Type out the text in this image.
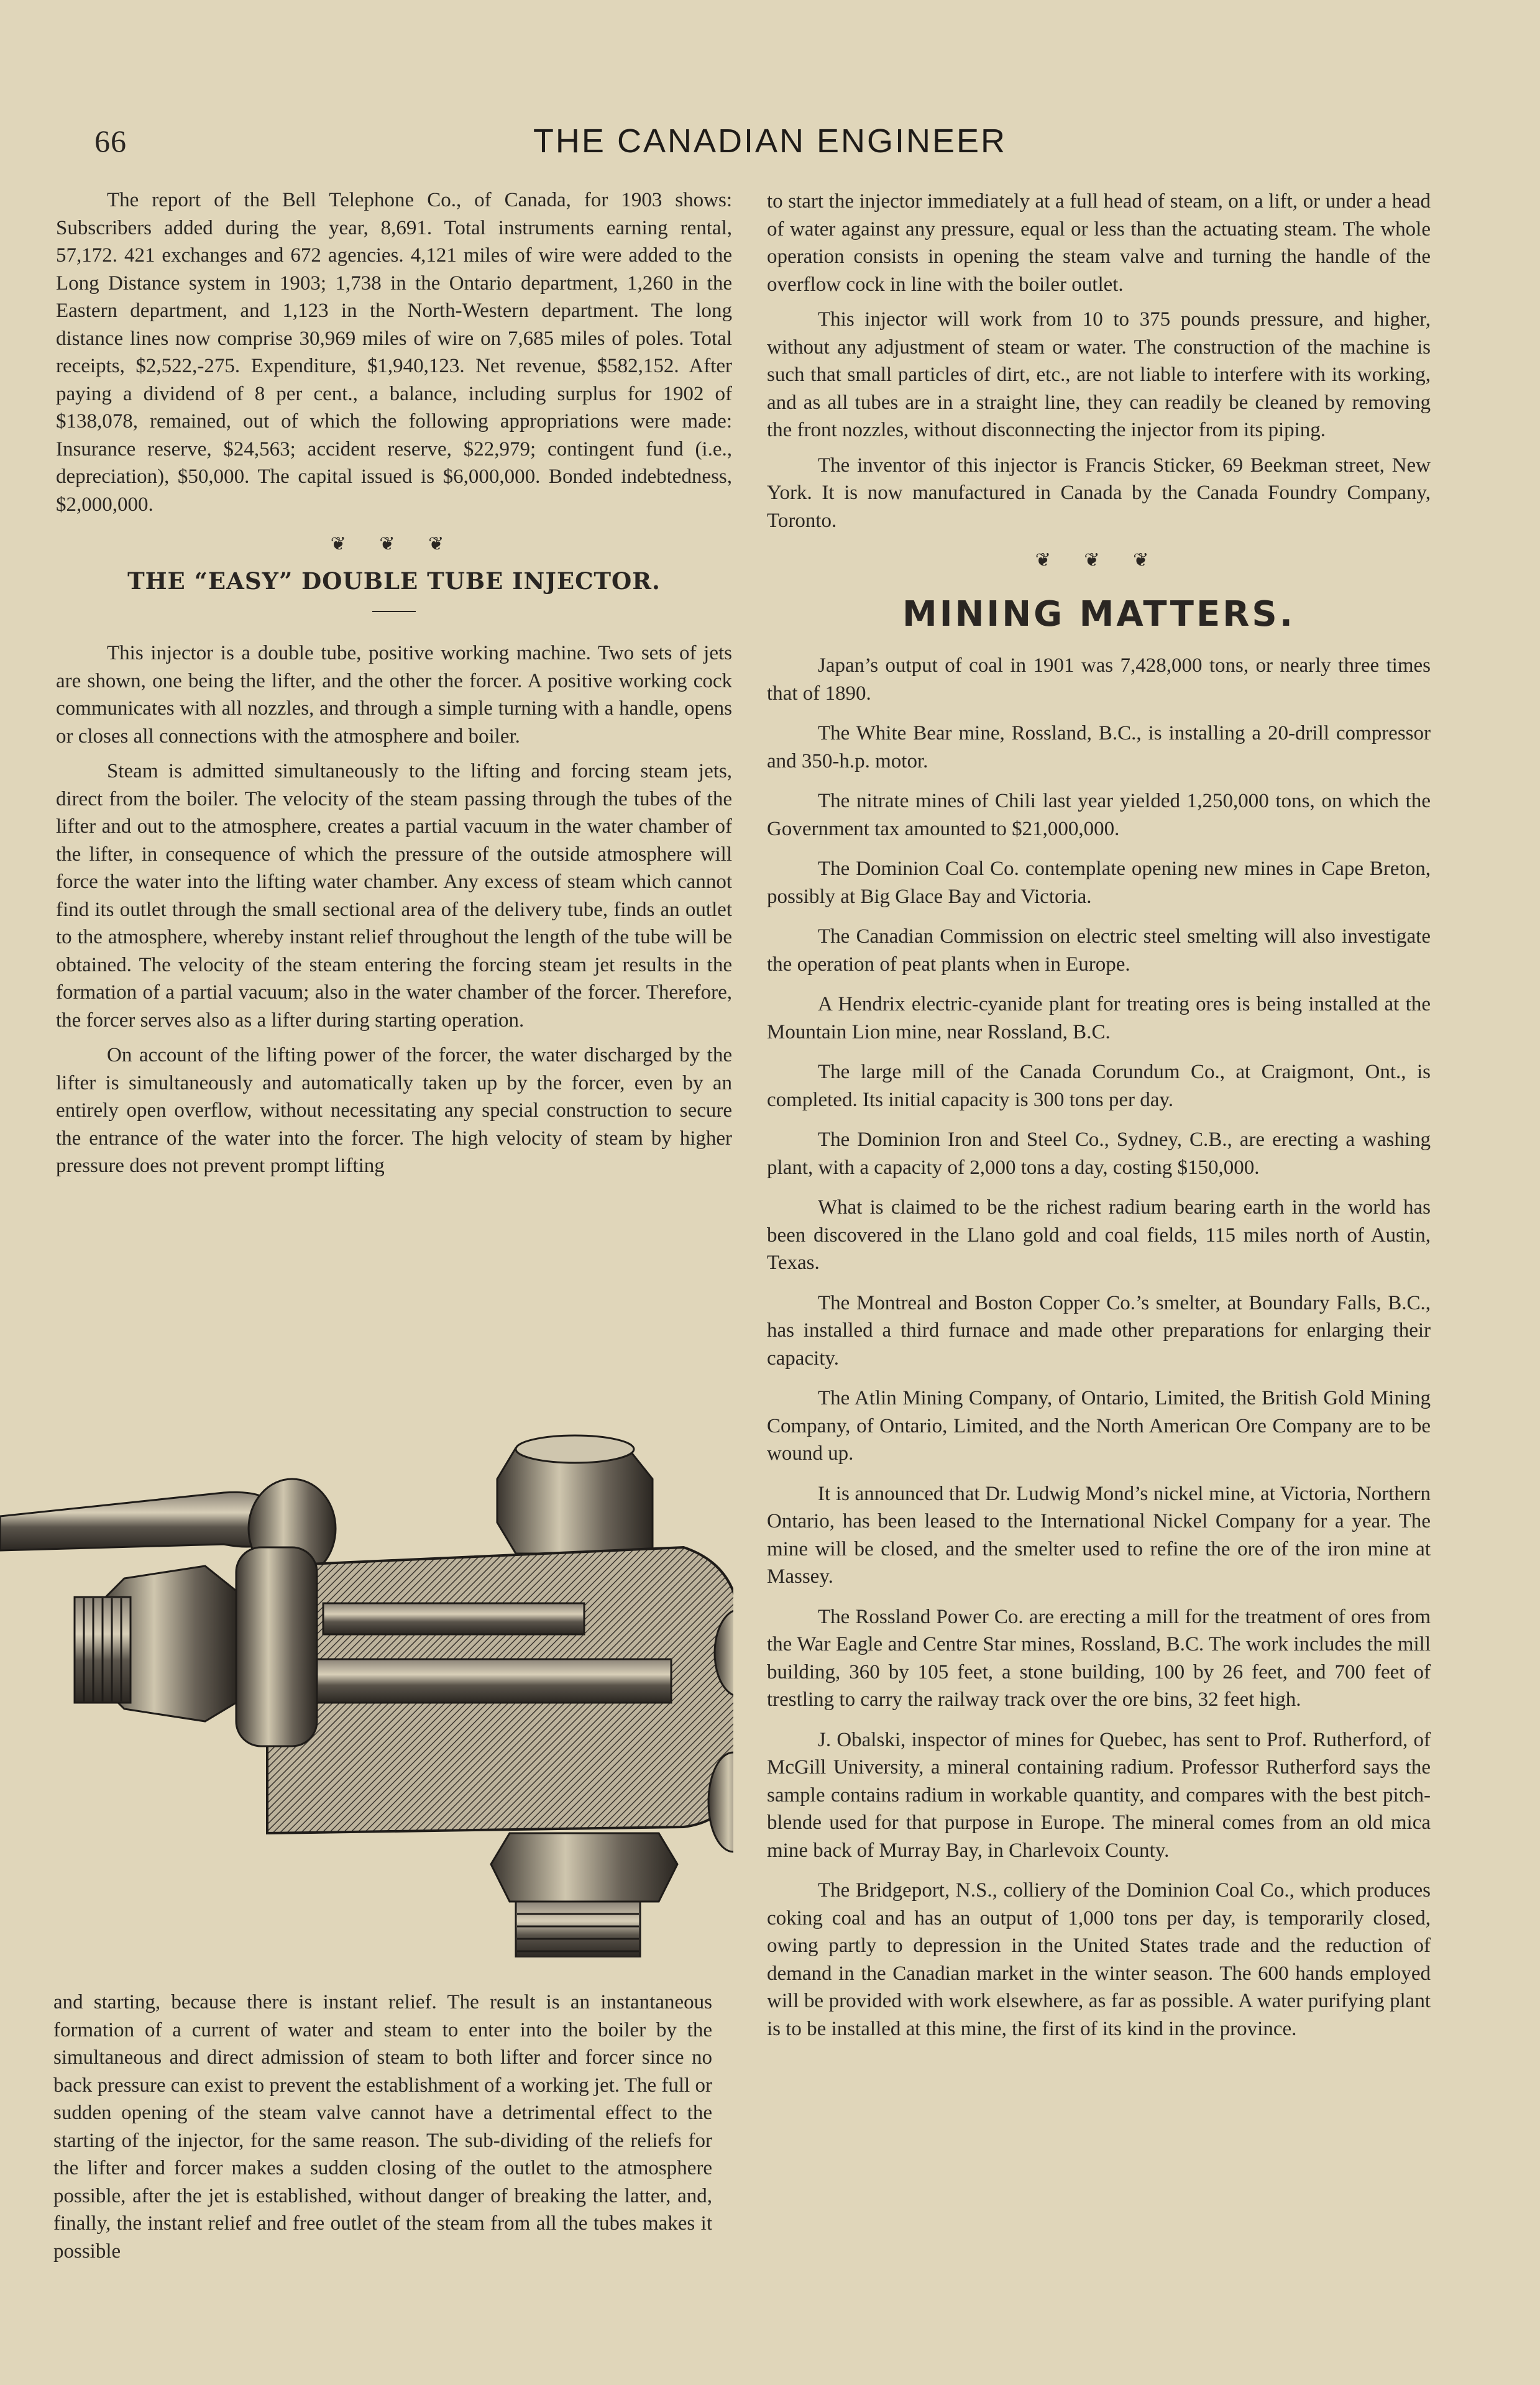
66	THE CANADIAN ENGINEER

The report of the Bell Telephone Co., of Canada, for 1903 shows: Subscribers added during the year, 8,691. Total instruments earning rental, 57,172. 421 exchanges and 672 agencies. 4,121 miles of wire were added to the Long Distance system in 1903; 1,738 in the Ontario department, 1,260 in the Eastern department, and 1,123 in the North-Western department. The long distance lines now comprise 30,969 miles of wire on 7,685 miles of poles. Total receipts, $2,522,-275. Expenditure, $1,940,123. Net revenue, $582,152. After paying a dividend of 8 per cent., a balance, including surplus for 1902 of $138,078, remained, out of which the following appropriations were made: Insurance reserve, $24,563; accident reserve, $22,979; contingent fund (i.e., depreciation), $50,000. The capital issued is $6,000,000. Bonded indebtedness, $2,000,000.

❦ ❦ ❦
THE “EASY” DOUBLE TUBE INJECTOR.

This injector is a double tube, positive working machine. Two sets of jets are shown, one being the lifter, and the other the forcer. A positive working cock communicates with all nozzles, and through a simple turning with a handle, opens or closes all connections with the atmosphere and boiler.

Steam is admitted simultaneously to the lifting and forcing steam jets, direct from the boiler. The velocity of the steam passing through the tubes of the lifter and out to the atmosphere, creates a partial vacuum in the water chamber of the lifter, in consequence of which the pressure of the outside atmosphere will force the water into the lifting water chamber. Any excess of steam which cannot find its outlet through the small sectional area of the delivery tube, finds an outlet to the atmosphere, whereby instant relief throughout the length of the tube will be obtained. The velocity of the steam entering the forcing steam jet results in the formation of a partial vacuum; also in the water chamber of the forcer. Therefore, the forcer serves also as a lifter during starting operation.

On account of the lifting power of the forcer, the water discharged by the lifter is simultaneously and automatically taken up by the forcer, even by an entirely open overflow, without necessitating any special construction to secure the entrance of the water into the forcer. The high velocity of steam by higher pressure does not prevent prompt lifting

and starting, because there is instant relief. The result is an instantaneous formation of a current of water and steam to enter into the boiler by the simultaneous and direct admission of steam to both lifter and forcer since no back pressure can exist to prevent the establishment of a working jet. The full or sudden opening of the steam valve cannot have a detrimental effect to the starting of the injector, for the same reason. The sub-dividing of the reliefs for the lifter and forcer makes a sudden closing of the outlet to the atmosphere possible, after the jet is established, without danger of breaking the latter, and, finally, the instant relief and free outlet of the steam from all the tubes makes it possible

to start the injector immediately at a full head of steam, on a lift, or under a head of water against any pressure, equal or less than the actuating steam. The whole operation consists in opening the steam valve and turning the handle of the overflow cock in line with the boiler outlet.

This injector will work from 10 to 375 pounds pressure, and higher, without any adjustment of steam or water. The construction of the machine is such that small particles of dirt, etc., are not liable to interfere with its working, and as all tubes are in a straight line, they can readily be cleaned by removing the front nozzles, without disconnecting the injector from its piping.

The inventor of this injector is Francis Sticker, 69 Beekman street, New York. It is now manufactured in Canada by the Canada Foundry Company, Toronto.

❦ ❦ ❦
MINING MATTERS.

Japan’s output of coal in 1901 was 7,428,000 tons, or nearly three times that of 1890.

The White Bear mine, Rossland, B.C., is installing a 20-drill compressor and 350-h.p. motor.

The nitrate mines of Chili last year yielded 1,250,000 tons, on which the Government tax amounted to $21,000,000.

The Dominion Coal Co. contemplate opening new mines in Cape Breton, possibly at Big Glace Bay and Victoria.

The Canadian Commission on electric steel smelting will also investigate the operation of peat plants when in Europe.

A Hendrix electric-cyanide plant for treating ores is being installed at the Mountain Lion mine, near Rossland, B.C.

The large mill of the Canada Corundum Co., at Craigmont, Ont., is completed. Its initial capacity is 300 tons per day.

The Dominion Iron and Steel Co., Sydney, C.B., are erecting a washing plant, with a capacity of 2,000 tons a day, costing $150,000.

What is claimed to be the richest radium bearing earth in the world has been discovered in the Llano gold and coal fields, 115 miles north of Austin, Texas.

The Montreal and Boston Copper Co.’s smelter, at Boundary Falls, B.C., has installed a third furnace and made other preparations for enlarging their capacity.

The Atlin Mining Company, of Ontario, Limited, the British Gold Mining Company, of Ontario, Limited, and the North American Ore Company are to be wound up.

It is announced that Dr. Ludwig Mond’s nickel mine, at Victoria, Northern Ontario, has been leased to the International Nickel Company for a year. The mine will be closed, and the smelter used to refine the ore of the iron mine at Massey.

The Rossland Power Co. are erecting a mill for the treatment of ores from the War Eagle and Centre Star mines, Rossland, B.C. The work includes the mill building, 360 by 105 feet, a stone building, 100 by 26 feet, and 700 feet of trestling to carry the railway track over the ore bins, 32 feet high.

J. Obalski, inspector of mines for Quebec, has sent to Prof. Rutherford, of McGill University, a mineral containing radium. Professor Rutherford says the sample contains radium in workable quantity, and compares with the best pitch-blende used for that purpose in Europe. The mineral comes from an old mica mine back of Murray Bay, in Charlevoix County.

The Bridgeport, N.S., colliery of the Dominion Coal Co., which produces coking coal and has an output of 1,000 tons per day, is temporarily closed, owing partly to depression in the United States trade and the reduction of demand in the Canadian market in the winter season. The 600 hands employed will be provided with work elsewhere, as far as possible. A water purifying plant is to be installed at this mine, the first of its kind in the province.
